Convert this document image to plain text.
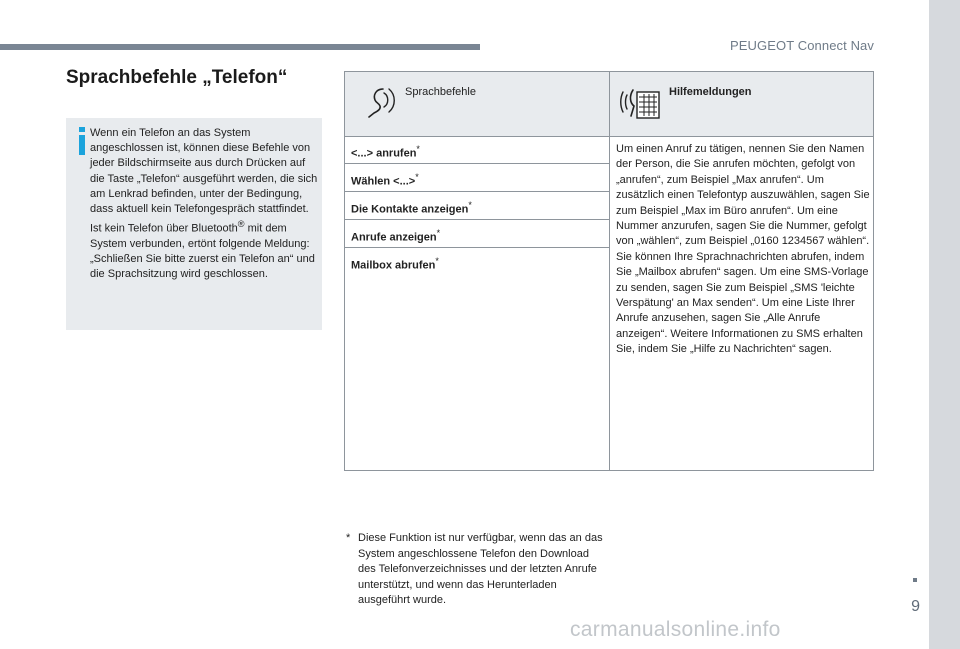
PEUGEOT Connect Nav
9
Sprachbefehle „Telefon“

Wenn ein Telefon an das System angeschlossen ist, können diese Befehle von jeder Bildschirmseite aus durch Drücken auf die Taste „Telefon“ ausgeführt werden, die sich am Lenkrad befinden, unter der Bedingung, dass aktuell kein Telefongespräch stattfindet.

Ist kein Telefon über Bluetooth® mit dem System verbunden, ertönt folgende Meldung: „Schließen Sie bitte zuerst ein Telefon an“ und die Sprachsitzung wird geschlossen.

Sprachbefehle	Hilfemeldungen
<...> anrufen*
Wählen <...>*
Die Kontakte anzeigen*
Anrufe anzeigen*
Mailbox abrufen*
Um einen Anruf zu tätigen, nennen Sie den Namen der Person, die Sie anrufen möchten, gefolgt von „anrufen“, zum Beispiel „Max anrufen“. Um zusätzlich einen Telefontyp auszuwählen, sagen Sie zum Beispiel „Max im Büro anrufen“. Um eine Nummer anzurufen, sagen Sie die Nummer, gefolgt von „wählen“, zum Beispiel „0160 1234567 wählen“. Sie können Ihre Sprachnachrichten abrufen, indem Sie „Mailbox abrufen“ sagen. Um eine SMS-Vorlage zu senden, sagen Sie zum Beispiel „SMS 'leichte Verspätung' an Max senden“. Um eine Liste Ihrer Anrufe anzusehen, sagen Sie „Alle Anrufe anzeigen“. Weitere Informationen zu SMS erhalten Sie, indem Sie „Hilfe zu Nachrichten“ sagen.
* Diese Funktion ist nur verfügbar, wenn das an das System angeschlossene Telefon den Download des Telefonverzeichnisses und der letzten Anrufe unterstützt, und wenn das Herunterladen ausgeführt wurde.
carmanualsonline.info
